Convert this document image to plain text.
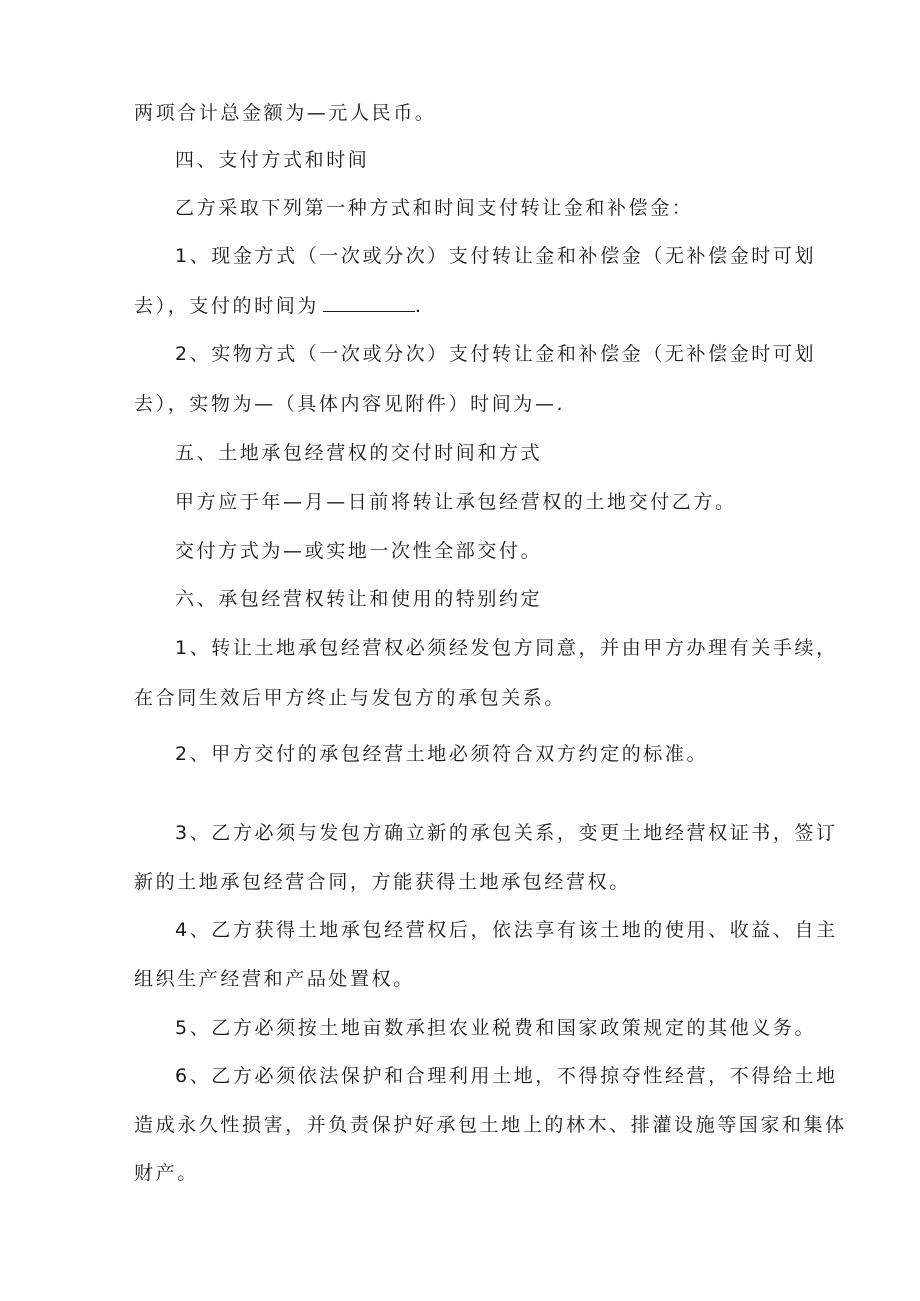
两项合计总金额为—元人民币。
四、支付方式和时间
乙方采取下列第一种方式和时间支付转让金和补偿金：
1、现金方式（一次或分次）支付转让金和补偿金（无补偿金时可划
去），支付的时间为	.
2、实物方式（一次或分次）支付转让金和补偿金（无补偿金时可划
去），实物为—（具体内容见附件）时间为—.
五、土地承包经营权的交付时间和方式
甲方应于年—月—日前将转让承包经营权的土地交付乙方。
交付方式为—或实地一次性全部交付。
六、承包经营权转让和使用的特别约定
1、转让土地承包经营权必须经发包方同意，并由甲方办理有关手续，
在合同生效后甲方终止与发包方的承包关系。
2、甲方交付的承包经营土地必须符合双方约定的标准。
3、乙方必须与发包方确立新的承包关系，变更土地经营权证书，签订
新的土地承包经营合同，方能获得土地承包经营权。
4、乙方获得土地承包经营权后，依法享有该土地的使用、收益、自主
组织生产经营和产品处置权。
5、乙方必须按土地亩数承担农业税费和国家政策规定的其他义务。
6、乙方必须依法保护和合理利用土地，不得掠夺性经营，不得给土地
造成永久性损害，并负责保护好承包土地上的林木、排灌设施等国家和集体
财产。
